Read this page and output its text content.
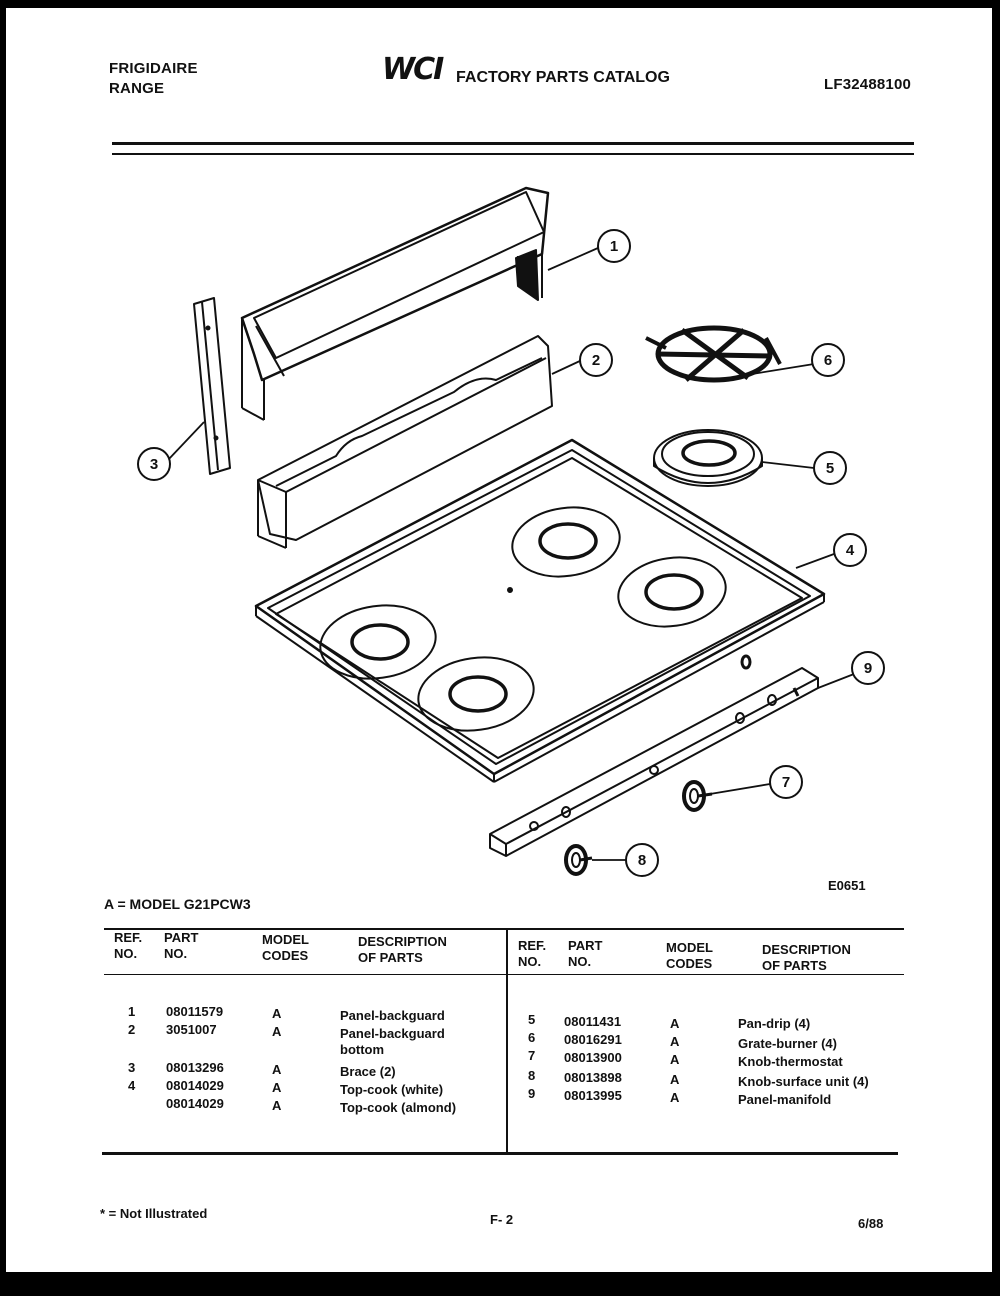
FRIGIDAIRE
RANGE
WCI FACTORY PARTS CATALOG	LF32488100
1
2
3
4
5
6
7
8
9
E0651
A = MODEL G21PCW3
REF.
NO.
PART
NO.
MODEL
CODES
DESCRIPTION
OF PARTS
REF.
NO.
PART
NO.
MODEL
CODES
DESCRIPTION
OF PARTS
1 08011579	A	Panel-backguard
2 3051007	A	Panel-backguard
bottom
3 08013296	A	Brace (2)
4 08014029	A	Top-cook (white)
08014029	A	Top-cook (almond)
5 08011431	A	Pan-drip (4)
6 08016291	A	Grate-burner (4)
7 08013900	A	Knob-thermostat
8 08013898	A	Knob-surface unit (4)
9 08013995	A	Panel-manifold
* = Not Illustrated	F- 2	6/88
